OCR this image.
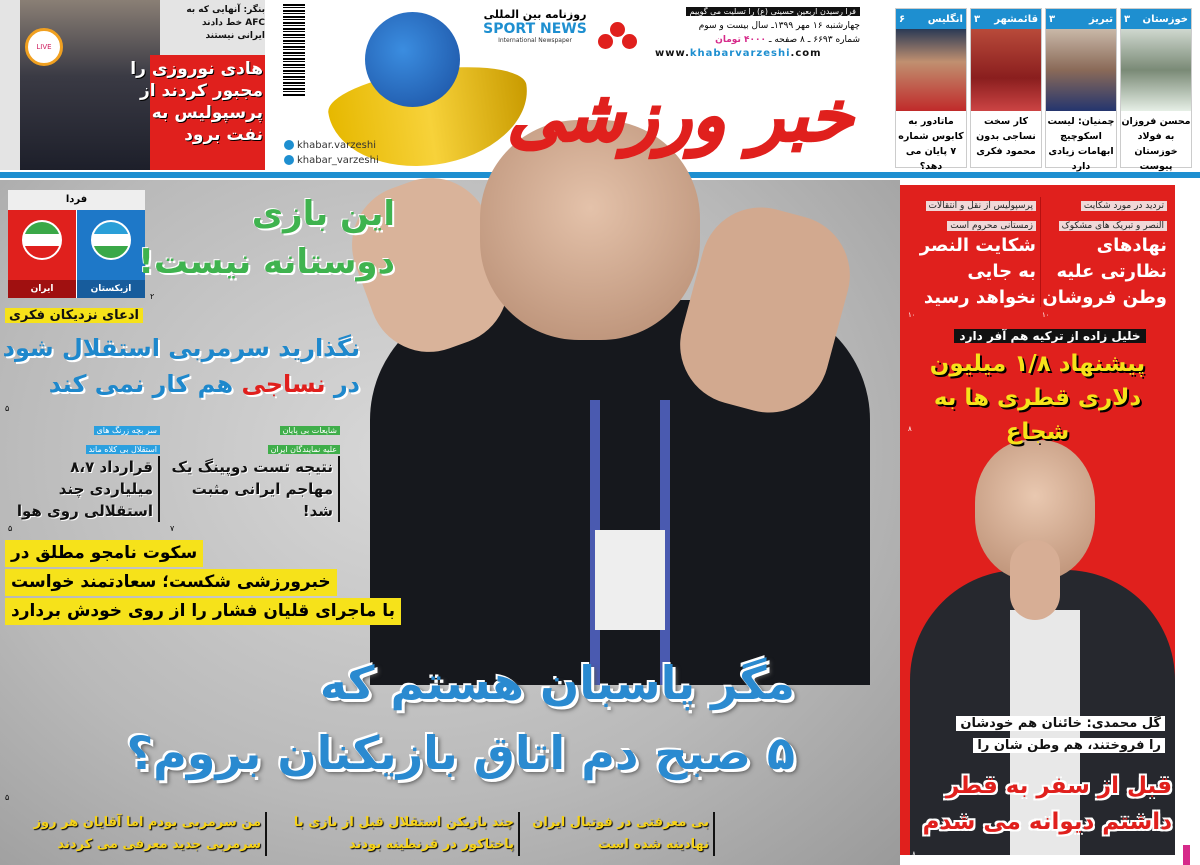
LIVE
بنگر: آنهایی که به AFC خط دادند ایرانی نیستند
هادی نوروزی را مجبور کردند از پرسپولیس به نفت برود	خبر ورزشی
روزنامه بین المللی
SPORT NEWS
International Newspaper
khabar.varzeshi
khabar_varzeshi
فرا رسیدن اربعین حسینی (ع) را تسلیت می گوییم
چهارشنبه ۱۶ مهر ۱۳۹۹ـ سال بیست و سوم
شماره ۶۶۹۳ ـ ۸ صفحه ـ ۴۰۰۰ تومان
www.khabarvarzeshi.com
خوزستان
۳
محسن فروزان به فولاد خوزستان پیوست
تبریز
۳
چمنیان: لیست اسکوچیچ ابهامات زیادی دارد
قائمشهر
۳
کار سخت نساجی بدون محمود فکری
انگلیس
۶
ماتادور به کابوس شماره ۷ پایان می دهد؟
فردا
ازبکستان
ایران
این بازی
دوستانه نیست!
۲
ادعای نزدیکان فکری
نگذارید سرمربی استقلال شود
در نساجی هم کار نمی کند
۵
سر بچه زرنگ های
استقلال بی کلاه ماند
قرارداد ۸،۷ میلیاردی چند استقلالی روی هوا
۵
شایعات بی پایان
علیه نمایندگان ایران
نتیجه تست دوپینگ یک مهاجم ایرانی مثبت شد!
۷
سکوت نامجو مطلق در
خبرورزشی شکست؛ سعادتمند خواست
با ماجرای قلیان فشار را از روی خودش بردارد
مگر پاسبان هستم که
۵ صبح دم اتاق بازیکنان بروم؟
۵
بی معرفتی در فوتبال ایران نهادینه شده است
چند بازیکن استقلال قبل از بازی با پاختاکور در قرنطینه بودند
من سرمربی بودم اما آقایان هر روز سرمربی جدید معرفی می کردند
تردید در مورد شکایت
النصر و تبریک های مشکوک
نهادهای نظارتی علیه وطن فروشان
۱۰
پرسپولیس از نقل و انتقالات
زمستانی محروم است
شکایت النصر به جایی نخواهد رسید
۱۰
خلیل زاده از ترکیه هم آفر دارد
پیشنهاد ۱/۸ میلیون دلاری قطری ها به شجاع
۸
گل محمدی: خائنان هم خودشان
را فروختند، هم وطن شان را
قبل از سفر به قطر داشتم دیوانه می شدم
۸
